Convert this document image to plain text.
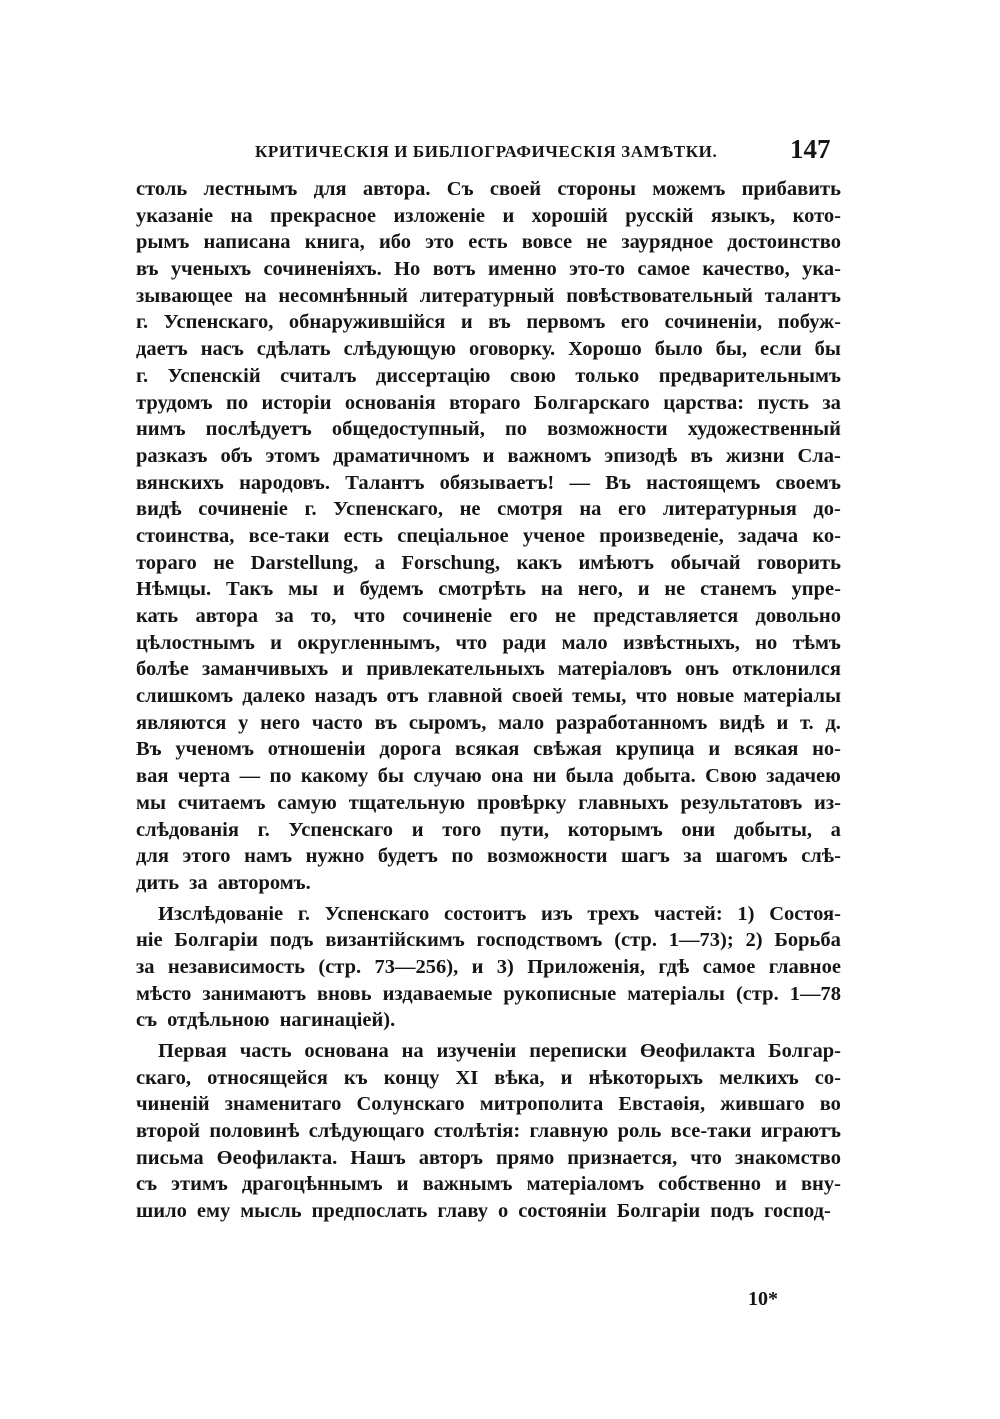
КРИТИЧЕСКІЯ И БИБЛІОГРАФИЧЕСКІЯ ЗАМѢТКИ.	147
столь лестнымъ для автора. Съ своей стороны можемъ прибавить
указаніе на прекрасное изложеніе и хорошій русскій языкъ, кото-
рымъ написана книга, ибо это есть вовсе не заурядное достоинство
въ ученыхъ сочиненіяхъ. Но вотъ именно это-то самое качество, ука-
зывающее на несомнѣнный литературный повѣствовательный талантъ
г. Успенскаго, обнаружившійся и въ первомъ его сочиненіи, побуж-
даетъ насъ сдѣлать слѣдующую оговорку. Хорошо было бы, если бы
г. Успенскій считалъ диссертацію свою только предварительнымъ
трудомъ по исторіи основанія втораго Болгарскаго царства: пусть за
нимъ послѣдуетъ общедоступный, по возможности художественный
разказъ объ этомъ драматичномъ и важномъ эпизодѣ въ жизни Сла-
вянскихъ народовъ. Талантъ обязываетъ! — Въ настоящемъ своемъ
видѣ сочиненіе г. Успенскаго, не смотря на его литературныя до-
стоинства, все-таки есть спеціальное ученое произведеніе, задача ко-
тораго не Darstellung, а Forschung, какъ имѣютъ обычай говорить
Нѣмцы. Такъ мы и будемъ смотрѣть на него, и не станемъ упре-
кать автора за то, что сочиненіе его не представляется довольно
цѣлостнымъ и округленнымъ, что ради мало извѣстныхъ, но тѣмъ
болѣе заманчивыхъ и привлекательныхъ матеріаловъ онъ отклонился
слишкомъ далеко назадъ отъ главной своей темы, что новые матеріалы
являются у него часто въ сыромъ, мало разработанномъ видѣ и т. д.
Въ ученомъ отношеніи дорога всякая свѣжая крупица и всякая но-
вая черта — по какому бы случаю она ни была добыта. Свою задачею
мы считаемъ самую тщательную провѣрку главныхъ результатовъ из-
слѣдованія г. Успенскаго и того пути, которымъ они добыты, а
для этого намъ нужно будетъ по возможности шагъ за шагомъ слѣ-
дить за авторомъ.
Изслѣдованіе г. Успенскаго состоитъ изъ трехъ частей: 1) Состоя-
ніе Болгаріи подъ византійскимъ господствомъ (стр. 1—73); 2) Борьба
за независимость (стр. 73—256), и 3) Приложенія, гдѣ самое главное
мѣсто занимаютъ вновь издаваемые рукописные матеріалы (стр. 1—78
съ отдѣльною нагинаціей).
Первая часть основана на изученіи переписки Өеофилакта Болгар-
скаго, относящейся къ концу XI вѣка, и нѣкоторыхъ мелкихъ со-
чиненій знаменитаго Солунскаго митрополита Евстаөія, жившаго во
второй половинѣ слѣдующаго столѣтія: главную роль все-таки играютъ
письма Өеофилакта. Нашъ авторъ прямо признается, что знакомство
съ этимъ драгоцѣннымъ и важнымъ матеріаломъ собственно и вну-
шило ему мысль предпослать главу о состояніи Болгаріи подъ господ-
10*
